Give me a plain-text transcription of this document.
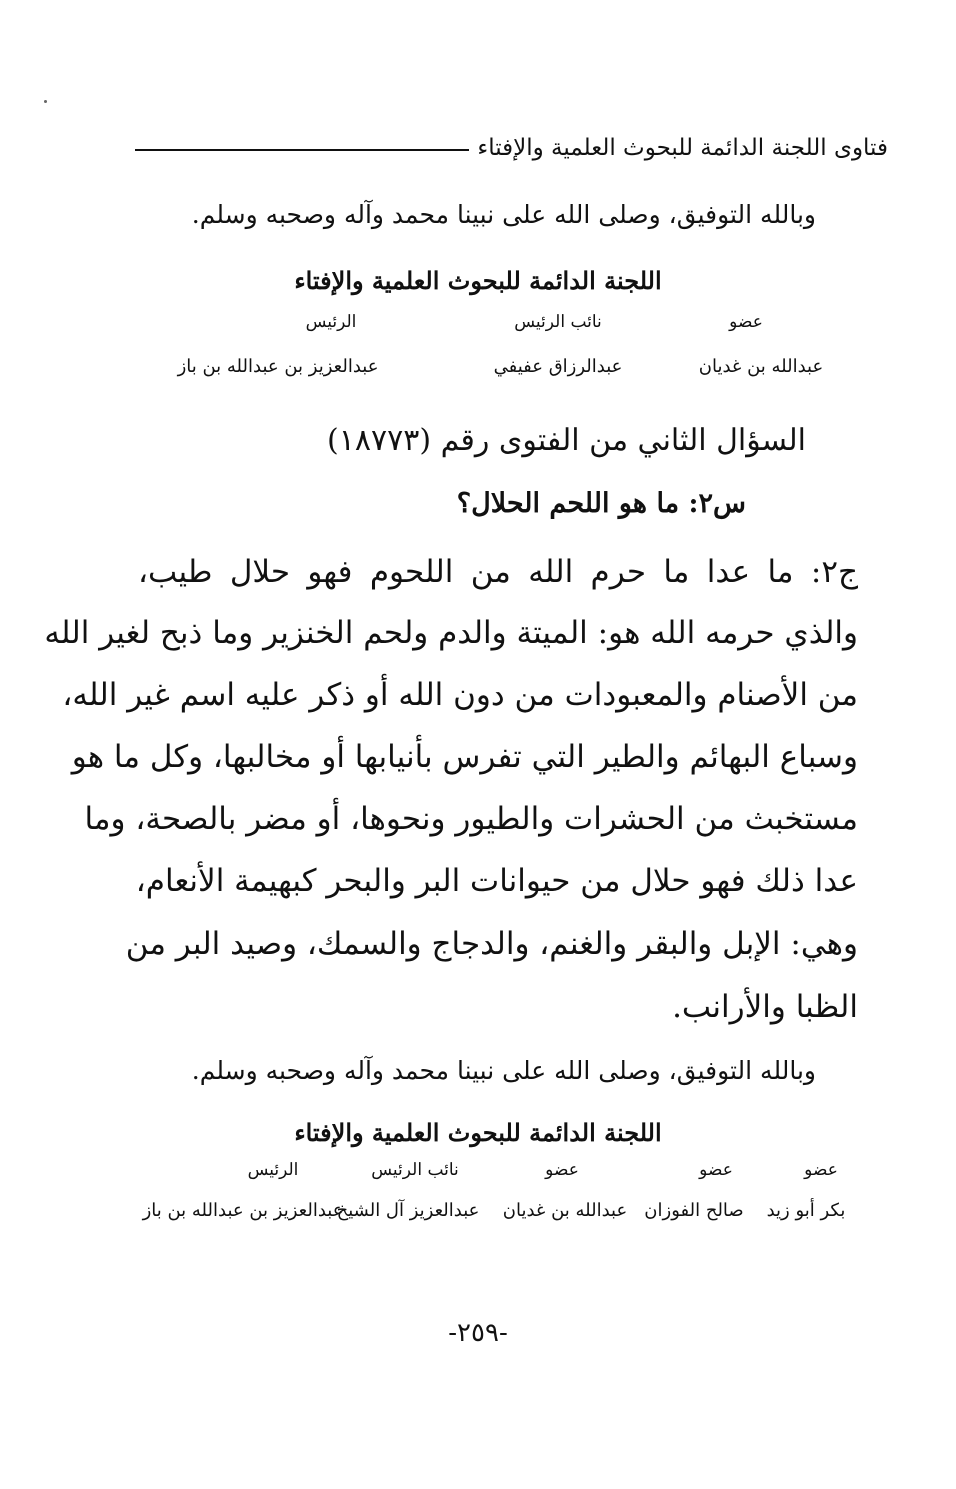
فتاوى اللجنة الدائمة للبحوث العلمية والإفتاء
وبالله التوفيق، وصلى الله على نبينا محمد وآله وصحبه وسلم.
اللجنة الدائمة للبحوث العلمية والإفتاء
عضو
نائب الرئيس
الرئيس
عبدالله بن غديان
عبدالرزاق عفيفي
عبدالعزيز بن عبدالله بن باز
السؤال الثاني من الفتوى رقم (١٨٧٧٣)
س٢: ما هو اللحم الحلال؟
ج٢: ما عدا ما حرم الله من اللحوم فهو حلال طيب،
والذي حرمه الله هو: الميتة والدم ولحم الخنزير وما ذبح لغير الله
من الأصنام والمعبودات من دون الله أو ذكر عليه اسم غير الله،
وسباع البهائم والطير التي تفرس بأنيابها أو مخالبها، وكل ما هو
مستخبث من الحشرات والطيور ونحوها، أو مضر بالصحة، وما
عدا ذلك فهو حلال من حيوانات البر والبحر كبهيمة الأنعام،
وهي: الإبل والبقر والغنم، والدجاج والسمك، وصيد البر من
الظبا والأرانب.
وبالله التوفيق، وصلى الله على نبينا محمد وآله وصحبه وسلم.
اللجنة الدائمة للبحوث العلمية والإفتاء
عضو
عضو
عضو
نائب الرئيس
الرئيس
بكر أبو زيد
صالح الفوزان
عبدالله بن غديان
عبدالعزيز آل الشيخ
عبدالعزيز بن عبدالله بن باز
-٢٥٩-
